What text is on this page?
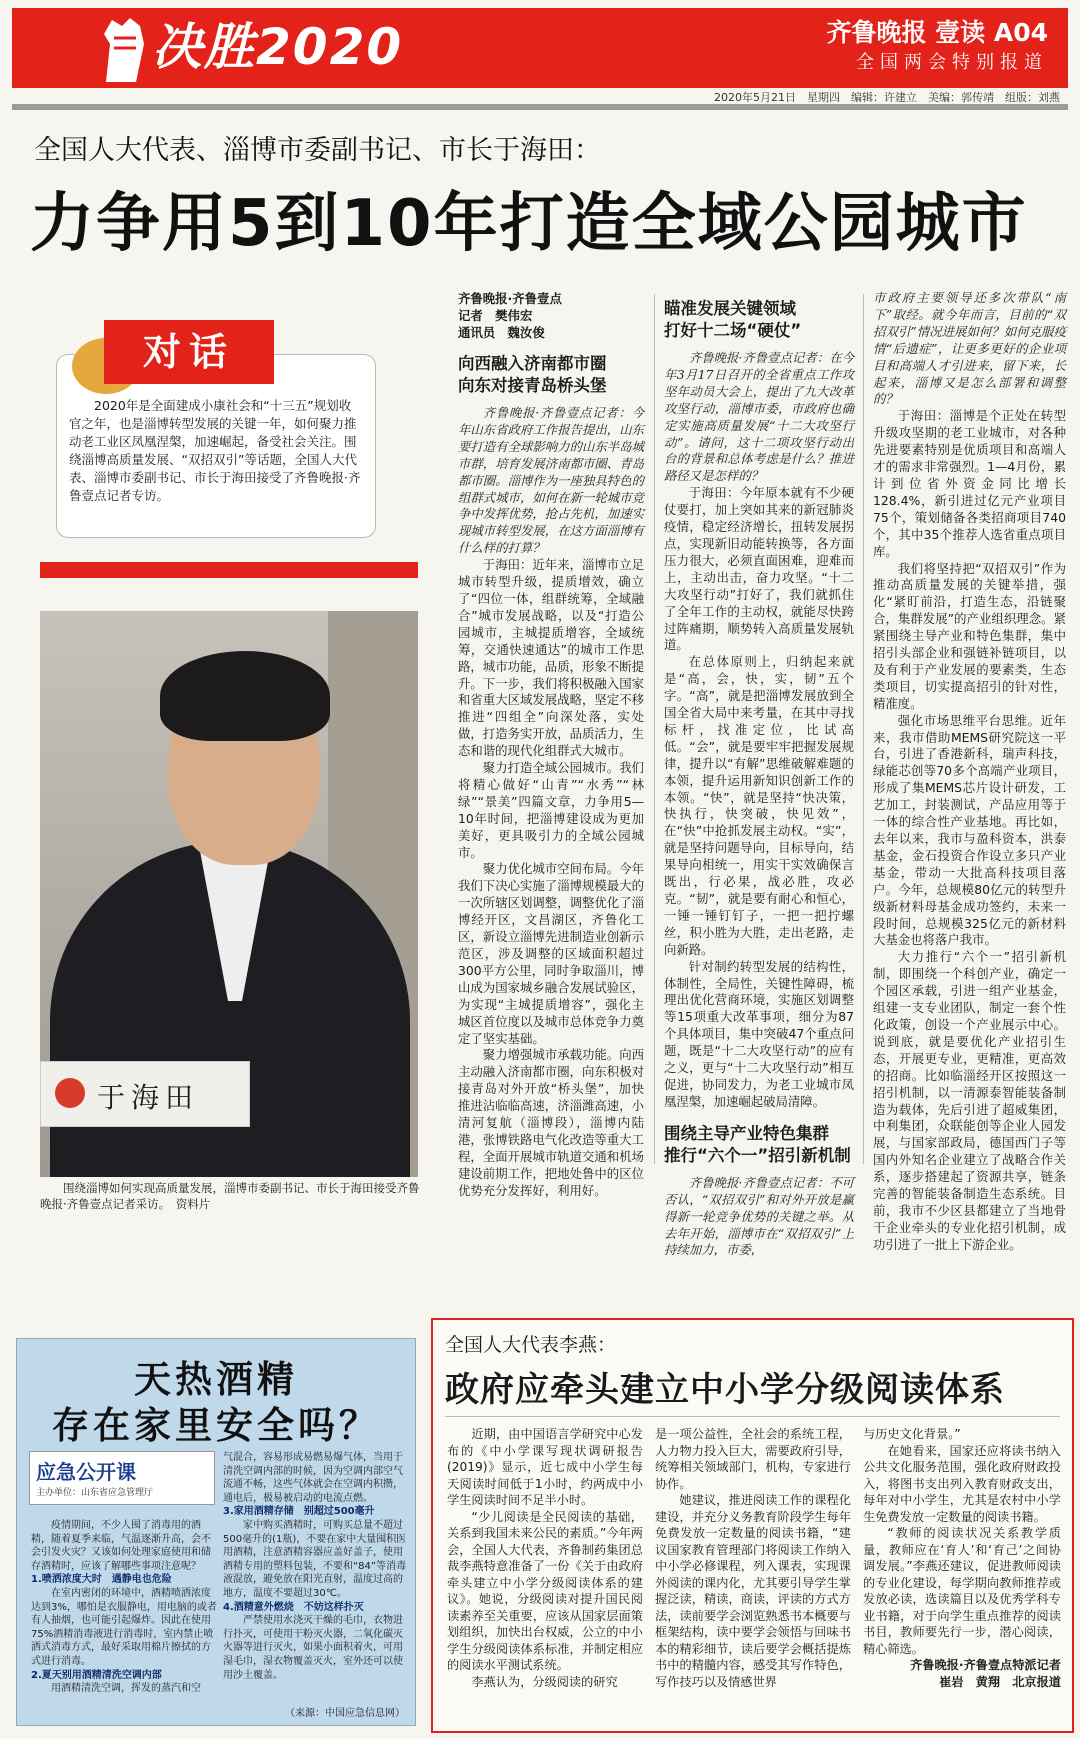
决胜2020	齐鲁晚报 壹读 A04
全国两会特别报道
2020年5月21日　星期四　编辑：许建立　美编：郭传靖　组版：刘燕
全国人大代表、淄博市委副书记、市长于海田：
力争用5到10年打造全域公园城市
2020年是全面建成小康社会和“十三五”规划收官之年，也是淄博转型发展的关键一年，如何聚力推动老工业区凤凰涅槃，加速崛起，备受社会关注。围绕淄博高质量发展、“双招双引”等话题，全国人大代表、淄博市委副书记、市长于海田接受了齐鲁晚报·齐鲁壹点记者专访。
对话
于海田
围绕淄博如何实现高质量发展，淄博市委副书记、市长于海田接受齐鲁晚报·齐鲁壹点记者采访。　资料片

齐鲁晚报·齐鲁壹点
记者　樊伟宏
通讯员　魏汝俊

向西融入济南都市圈
向东对接青岛桥头堡

齐鲁晚报·齐鲁壹点记者：今年山东省政府工作报告提出，山东要打造有全球影响力的山东半岛城市群，培育发展济南都市圈、青岛都市圈。淄博作为一座独具特色的组群式城市，如何在新一轮城市竞争中发挥优势，抢占先机，加速实现城市转型发展，在这方面淄博有什么样的打算？

于海田：近年来，淄博市立足城市转型升级，提质增效，确立了“四位一体，组群统筹，全域融合”城市发展战略，以及“打造公园城市，主城提质增容，全域统筹，交通快速通达”的城市工作思路，城市功能，品质，形象不断提升。下一步，我们将积极融入国家和省重大区域发展战略，坚定不移推进“四组全”向深处落，实处做，打造务实开放，品质活力，生态和谐的现代化组群式大城市。

聚力打造全域公园城市。我们将精心做好“山青”“水秀”“林绿”“景美”四篇文章，力争用5—10年时间，把淄博建设成为更加美好，更具吸引力的全域公园城市。

聚力优化城市空间布局。今年我们下决心实施了淄博规模最大的一次所辖区划调整，调整优化了淄博经开区，文昌湖区，齐鲁化工区，新设立淄博先进制造业创新示范区，涉及调整的区域面积超过300平方公里，同时争取淄川，博山成为国家城乡融合发展试验区，为实现“主城提质增容”，强化主城区首位度以及城市总体竞争力奠定了坚实基础。

聚力增强城市承载功能。向西主动融入济南都市圈，向东积极对接青岛对外开放“桥头堡”，加快推进沾临临高速，济淄潍高速，小清河复航（淄博段），淄博内陆港，张博铁路电气化改造等重大工程，全面开展城市轨道交通和机场建设前期工作，把地处鲁中的区位优势充分发挥好，利用好。

瞄准发展关键领域
打好十二场“硬仗”

齐鲁晚报·齐鲁壹点记者：在今年3月17日召开的全省重点工作攻坚年动员大会上，提出了九大改革攻坚行动，淄博市委，市政府也确定实施高质量发展“十二大攻坚行动”。请问，这十二项攻坚行动出台的背景和总体考虑是什么？推进路径又是怎样的？

于海田：今年原本就有不少硬仗要打，加上突如其来的新冠肺炎疫情，稳定经济增长，扭转发展拐点，实现新旧动能转换等，各方面压力很大，必须直面困难，迎难而上，主动出击，奋力攻坚。“十二大攻坚行动”打好了，我们就抓住了全年工作的主动权，就能尽快跨过阵痛期，顺势转入高质量发展轨道。

在总体原则上，归纳起来就是“高，会，快，实，韧”五个字。“高”，就是把淄博发展放到全国全省大局中来考量，在其中寻找标杆，找准定位，比试高低。“会”，就是要牢牢把握发展规律，提升以“有解”思维破解难题的本领，提升运用新知识创新工作的本领。“快”，就是坚持“快决策，快执行，快突破，快见效”，在“快”中抢抓发展主动权。“实”，就是坚持问题导向，目标导向，结果导向相统一，用实干实效确保言既出，行必果，战必胜，攻必克。“韧”，就是要有耐心和恒心，一锤一锤钉钉子，一把一把拧螺丝，积小胜为大胜，走出老路，走向新路。

针对制约转型发展的结构性，体制性，全局性，关键性障碍，梳理出优化营商环境，实施区划调整等15项重大改革事项，细分为87个具体项目，集中突破47个重点问题，既是“十二大攻坚行动”的应有之义，更与“十二大攻坚行动”相互促进，协同发力，为老工业城市凤凰涅槃，加速崛起破局清障。

围绕主导产业特色集群
推行“六个一”招引新机制

齐鲁晚报·齐鲁壹点记者：不可否认，“双招双引”和对外开放是赢得新一轮竞争优势的关键之举。从去年开始，淄博市在“双招双引”上持续加力，市委，

市政府主要领导还多次带队“南下”取经。就今年而言，目前的“双招双引”情况进展如何？如何克服疫情“后遗症”，让更多更好的企业项目和高端人才引进来，留下来，长起来，淄博又是怎么部署和调整的？

于海田：淄博是个正处在转型升级攻坚期的老工业城市，对各种先进要素特别是优质项目和高端人才的需求非常强烈。1—4月份，累计到位省外资金同比增长128.4%，新引进过亿元产业项目75个，策划储备各类招商项目740个，其中35个推荐人选省重点项目库。

我们将坚持把“双招双引”作为推动高质量发展的关键举措，强化“紧盯前沿，打造生态，沿链聚合，集群发展”的产业组织理念。紧紧围绕主导产业和特色集群，集中招引头部企业和强链补链项目，以及有利于产业发展的要素类，生态类项目，切实提高招引的针对性，精准度。

强化市场思维平台思维。近年来，我市借助MEMS研究院这一平台，引进了香港新科，瑞声科技，绿能芯创等70多个高端产业项目，形成了集MEMS芯片设计研发，工艺加工，封装测试，产品应用等于一体的综合性产业基地。再比如，去年以来，我市与盈科资本，洪泰基金，金石投资合作设立多只产业基金，带动一大批高科技项目落户。今年，总规模80亿元的转型升级新材料母基金成功签约，未来一段时间，总规模325亿元的新材料大基金也将落户我市。

大力推行“六个一”招引新机制，即围绕一个科创产业，确定一个园区承载，引进一组产业基金，组建一支专业团队，制定一套个性化政策，创设一个产业展示中心。说到底，就是要优化产业招引生态，开展更专业，更精准，更高效的招商。比如临淄经开区按照这一招引机制，以一清源泰智能装备制造为载体，先后引进了超威集团，中利集团，众联能创等企业人园发展，与国家部政局，德国西门子等国内外知名企业建立了战略合作关系，逐步搭建起了资源共享，链条完善的智能装备制造生态系统。目前，我市不少区县都建立了当地骨干企业牵头的专业化招引机制，成功引进了一批上下游企业。

天热酒精
存在家里安全吗？
应急公开课
主办单位：山东省应急管理厅
疫情期间，不少人囤了消毒用的酒精，随着夏季来临，气温逐渐升高，会不会引发火灾？又该如何处理家庭使用和储存酒精时，应该了解哪些事项注意呢？
1.喷洒浓度大时　遇静电也危险
在室内密闭的环境中，酒精喷洒浓度达到3%，哪怕是衣服静电，用电脑的或者有人抽烟，也可能引起爆炸。因此在使用75%酒精消毒液进行消毒时，室内禁止喷洒式消毒方式，最好采取用棉片擦拭的方式进行消毒。
2.夏天别用酒精清洗空调内部
用酒精清洗空调，挥发的蒸汽和空
气混合，容易形成易燃易爆气体，当用于清洗空调内部的时候，因为空调内部空气流通不畅，这些气体就会在空调内积攒，通电后，极易被启动的电流点燃。
3.家用酒精存储　别超过500毫升
家中购买酒精时，可购买总量不超过500毫升的(1瓶)，不要在家中大量囤积医用酒精，注意酒精容器应盖好盖子，使用酒精专用的塑料包装，不要和“84”等消毒液混放，避免放在阳光直射，温度过高的地方，温度不要超过30℃。
4.酒精意外燃烧　不妨这样扑灭
严禁使用水浇灭干燥的毛巾，衣物进行扑灭，可使用干粉灭火器，二氧化碳灭火器等进行灭火，如果小面积着火，可用湿毛巾，湿衣物覆盖灭火，室外还可以使用沙土覆盖。
（来源：中国应急信息网）
全国人大代表李燕：
政府应牵头建立中小学分级阅读体系

近期，由中国语言学研究中心发布的《中小学课写现状调研报告(2019)》显示，近七成中小学生每天阅读时间低于1小时，约两成中小学生阅读时间不足半小时。

“少儿阅读是全民阅读的基础，关系到我国未来公民的素质。”今年两会，全国人大代表，齐鲁制药集团总裁李燕特意准备了一份《关于由政府牵头建立中小学分级阅读体系的建议》。她说，分级阅读对提升国民阅读素养至关重要，应该从国家层面策划组织，加快出台权威，公立的中小学生分级阅读体系标准，并制定相应的阅读水平测试系统。

李燕认为，分级阅读的研究

是一项公益性，全社会的系统工程，人力物力投入巨大，需要政府引导，统筹相关领域部门，机构，专家进行协作。

她建议，推进阅读工作的课程化建设，并充分义务教育阶段学生每年免费发放一定数量的阅读书籍，“建议国家教育管理部门将阅读工作纳入中小学必修课程，列入课表，实现课外阅读的课内化，尤其要引导学生掌握泛读，精读，商读，评读的方式方法，读前要学会浏览熟悉书本概要与框架结构，读中要学会领悟与回味书本的精彩细节，读后要学会概括提炼书中的精髓内容，感受其写作特色，写作技巧以及情感世界

与历史文化背景。”

在她看来，国家还应将读书纳入公共文化服务范围，强化政府财政投入，将图书支出列入教育财政支出，每年对中小学生，尤其是农村中小学生免费发放一定数量的阅读书籍。

“教师的阅读状况关系教学质量，教师应在‘育人’和‘育己’之间协调发展。”李燕还建议，促进教师阅读的专业化建设，每学期向教师推荐或发放必读，选读篇目以及优秀学科专业书籍，对于向学生重点推荐的阅读书目，教师要先行一步，潜心阅读，精心筛选。

齐鲁晚报·齐鲁壹点特派记者
崔岩　黄翔　北京报道
